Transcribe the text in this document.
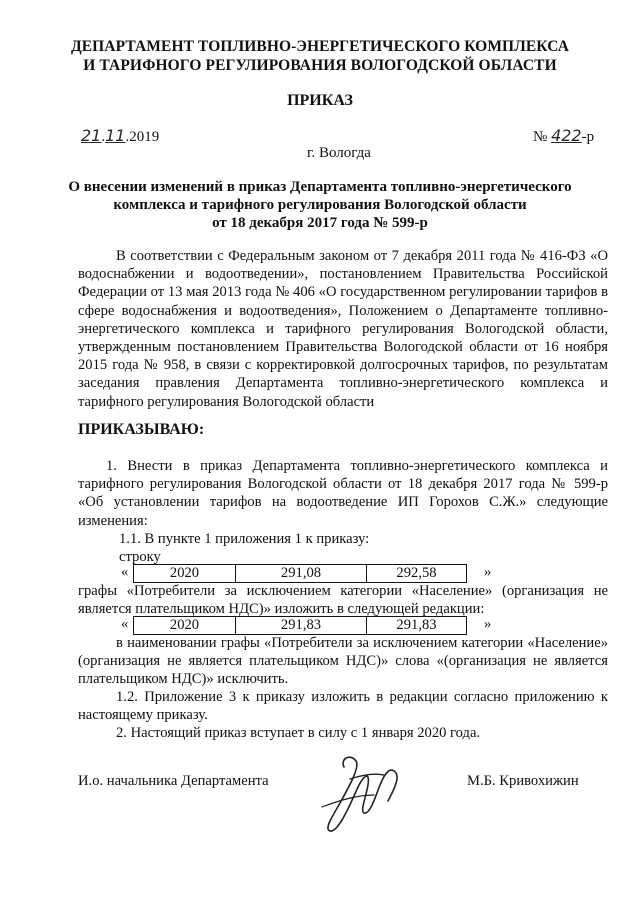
ДЕПАРТАМЕНТ ТОПЛИВНО-ЭНЕРГЕТИЧЕСКОГО КОМПЛЕКСА
И ТАРИФНОГО РЕГУЛИРОВАНИЯ ВОЛОГОДСКОЙ ОБЛАСТИ
ПРИКАЗ
21.11.2019	№ 422-р
г. Вологда
О внесении изменений в приказ Департамента топливно-энергетического
комплекса и тарифного регулирования Вологодской области
от 18 декабря 2017 года № 599-р
В соответствии с Федеральным законом от 7 декабря 2011 года № 416-ФЗ «О водоснабжении и водоотведении», постановлением Правительства Российской Федерации от 13 мая 2013 года № 406 «О государственном регулировании тарифов в сфере водоснабжения и водоотведения», Положением о Департаменте топливно-энергетического комплекса и тарифного регулирования Вологодской области, утвержденным постановлением Правительства Вологодской области от 16 ноября 2015 года № 958, в связи с корректировкой долгосрочных тарифов, по результатам заседания правления Департамента топливно-энергетического комплекса и тарифного регулирования Вологодской области
ПРИКАЗЫВАЮ:
1. Внести в приказ Департамента топливно-энергетического комплекса и тарифного регулирования Вологодской области от 18 декабря 2017 года № 599-р «Об установлении тарифов на водоотведение ИП Горохов С.Ж.» следующие изменения:
1.1. В пункте 1 приложения 1 к приказу:
строку
«	2020	291,08	292,58	»
графы «Потребители за исключением категории «Население» (организация не является плательщиком НДС)» изложить в следующей редакции:
«	2020	291,83	291,83	»
в наименовании графы «Потребители за исключением категории «Население» (организация не является плательщиком НДС)» слова «(организация не является плательщиком НДС)» исключить.
1.2. Приложение 3 к приказу изложить в редакции согласно приложению к настоящему приказу.
2. Настоящий приказ вступает в силу с 1 января 2020 года.
И.о. начальника Департамента	М.Б. Кривохижин
